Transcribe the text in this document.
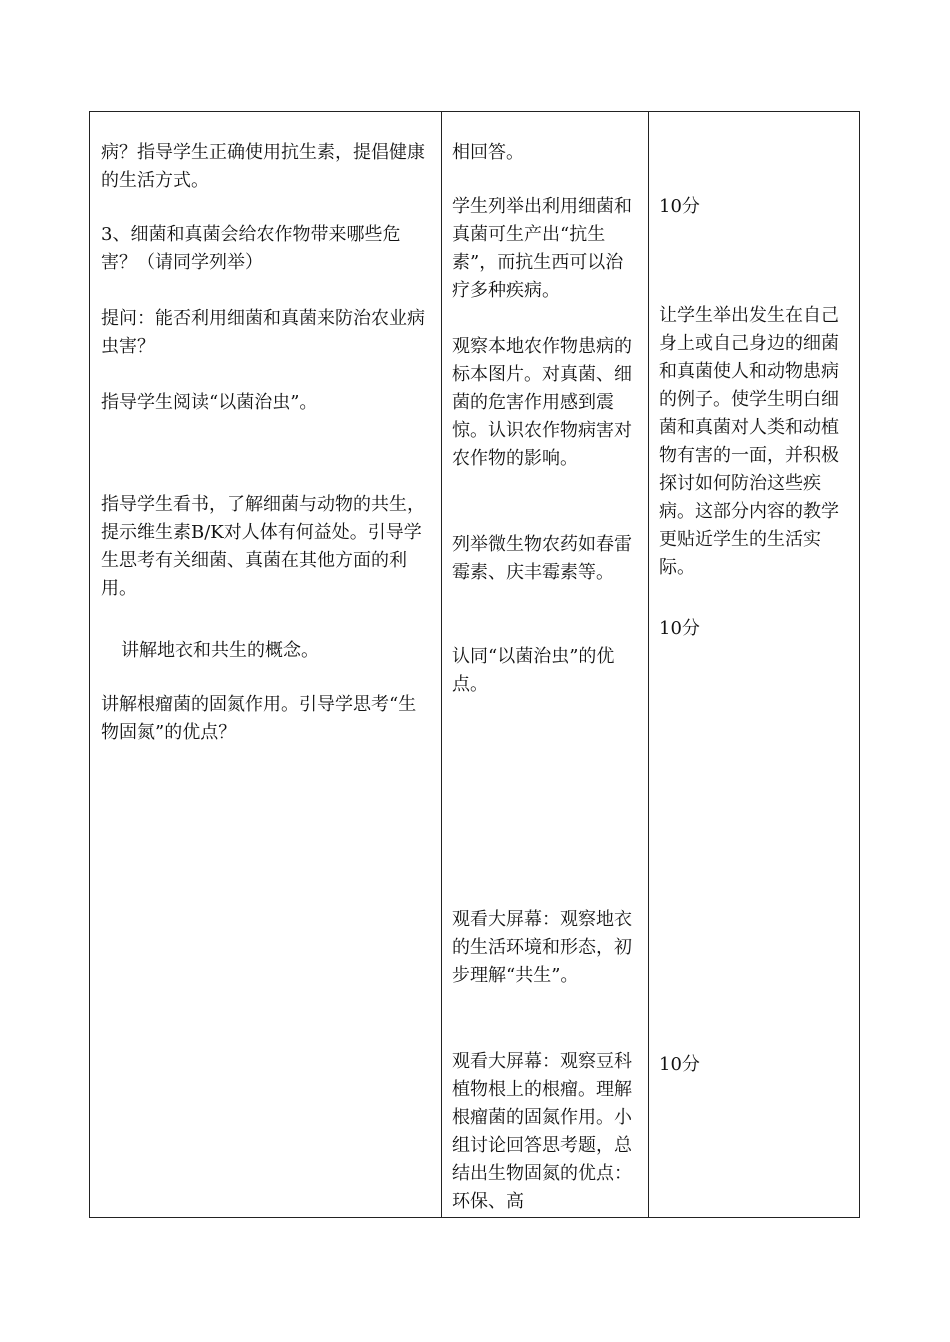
病？指导学生正确使用抗生素，提倡健康的生活方式。

3、细菌和真菌会给农作物带来哪些危害？（请同学列举）

提问：能否利用细菌和真菌来防治农业病虫害？

指导学生阅读“以菌治虫”。

指导学生看书，了解细菌与动物的共生，提示维生素B/K对人体有何益处。引导学生思考有关细菌、真菌在其他方面的利用。

讲解地衣和共生的概念。

讲解根瘤菌的固氮作用。引导学思考“生物固氮”的优点？

相回答。

学生列举出利用细菌和真菌可生产出“抗生素”，而抗生西可以治疗多种疾病。

观察本地农作物患病的标本图片。对真菌、细菌的危害作用感到震惊。认识农作物病害对农作物的影响。

列举微生物农药如春雷霉素、庆丰霉素等。

认同“以菌治虫”的优点。

观看大屏幕：观察地衣的生活环境和形态，初步理解“共生”。

观看大屏幕：观察豆科植物根上的根瘤。理解根瘤菌的固氮作用。小组讨论回答思考题，总结出生物固氮的优点：环保、高

10分

让学生举出发生在自己身上或自己身边的细菌和真菌使人和动物患病的例子。使学生明白细菌和真菌对人类和动植物有害的一面，并积极探讨如何防治这些疾病。这部分内容的教学更贴近学生的生活实际。

10分

10分
